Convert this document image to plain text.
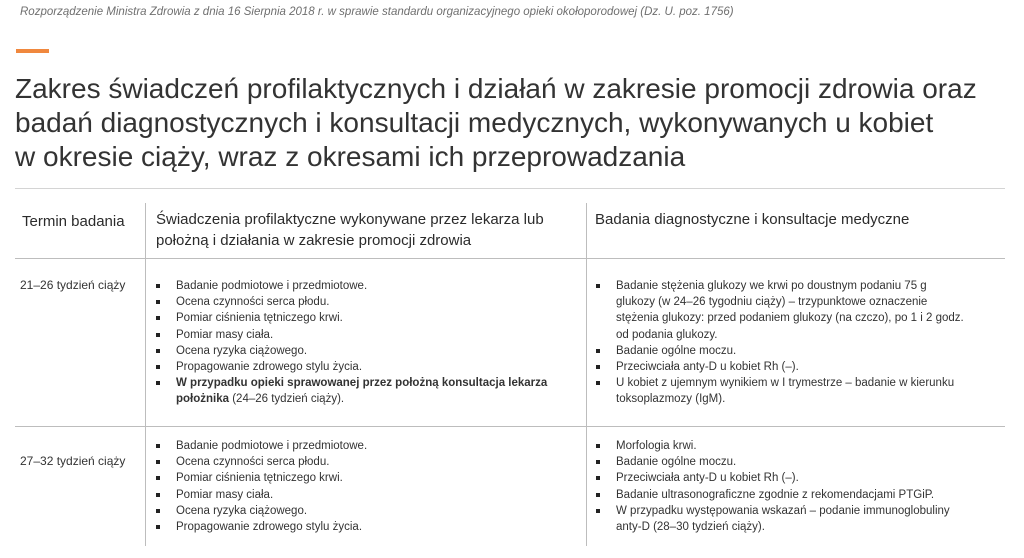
Rozporządzenie Ministra Zdrowia z dnia 16 Sierpnia 2018 r. w sprawie standardu organizacyjnego opieki okołoporodowej (Dz. U. poz. 1756)
Zakres świadczeń profilaktycznych i działań w zakresie promocji zdrowia oraz
badań diagnostycznych i konsultacji medycznych, wykonywanych u kobiet
w okresie ciąży, wraz z okresami ich przeprowadzania
Termin badania Świadczenia profilaktyczne wykonywane przez lekarza lub położną i działania w zakresie promocji zdrowia
Badania diagnostyczne i konsultacje medyczne
21–26 tydzień ciąży	Badanie podmiotowe i przedmiotowe.
Ocena czynności serca płodu.
Pomiar ciśnienia tętniczego krwi.
Pomiar masy ciała.
Ocena ryzyka ciążowego.
Propagowanie zdrowego stylu życia.
W przypadku opieki sprawowanej przez położną konsultacja lekarza położnika (24–26 tydzień ciąży).
Badanie stężenia glukozy we krwi po doustnym podaniu 75 g glukozy (w 24–26 tygodniu ciąży) – trzypunktowe oznaczenie stężenia glukozy: przed podaniem glukozy (na czczo), po 1 i 2 godz. od podania glukozy.
Badanie ogólne moczu.
Przeciwciała anty-D u kobiet Rh (–).
U kobiet z ujemnym wynikiem w I trymestrze – badanie w kierunku toksoplazmozy (IgM).
27–32 tydzień ciąży
Badanie podmiotowe i przedmiotowe.
Ocena czynności serca płodu.
Pomiar ciśnienia tętniczego krwi.
Pomiar masy ciała.
Ocena ryzyka ciążowego.
Propagowanie zdrowego stylu życia.
Morfologia krwi.
Badanie ogólne moczu.
Przeciwciała anty-D u kobiet Rh (–).
Badanie ultrasonograficzne zgodnie z rekomendacjami PTGiP.
W przypadku występowania wskazań – podanie immunoglobuliny anty-D (28–30 tydzień ciąży).
